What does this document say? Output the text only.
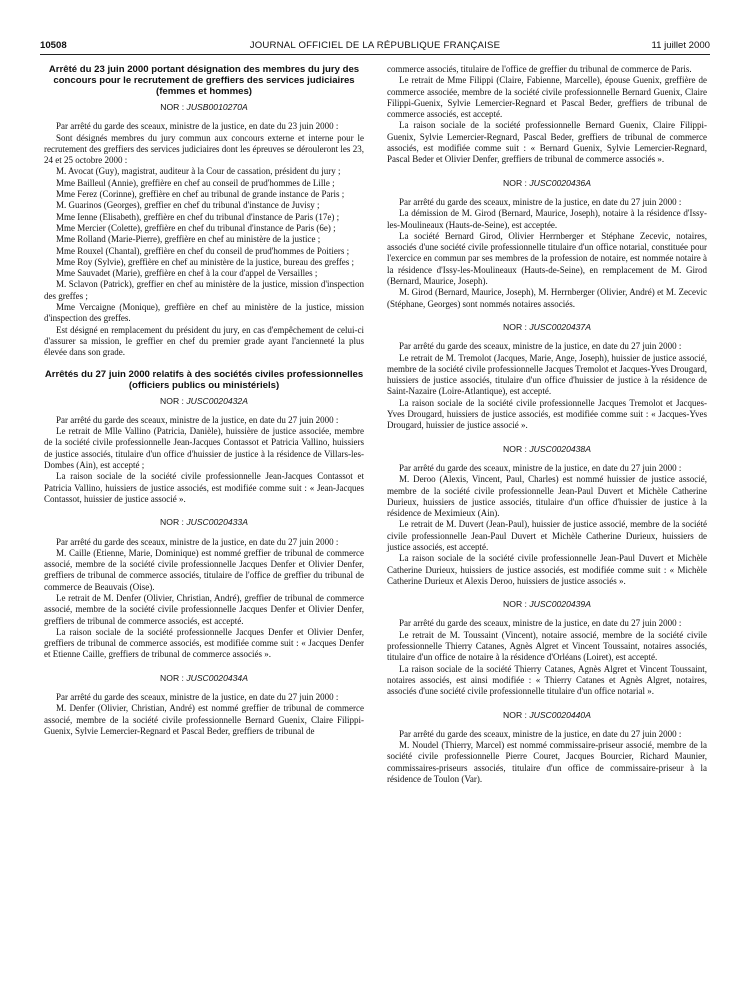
10508	JOURNAL OFFICIEL DE LA RÉPUBLIQUE FRANÇAISE	11 juillet 2000
Arrêté du 23 juin 2000 portant désignation des membres du jury des concours pour le recrutement de greffiers des services judiciaires (femmes et hommes)
NOR : JUSB0010270A

Par arrêté du garde des sceaux, ministre de la justice, en date du 23 juin 2000 :

Sont désignés membres du jury commun aux concours externe et interne pour le recrutement des greffiers des services judiciaires dont les épreuves se dérouleront les 23, 24 et 25 octobre 2000 :

M. Avocat (Guy), magistrat, auditeur à la Cour de cassation, président du jury ;

Mme Bailleul (Annie), greffière en chef au conseil de prud'hommes de Lille ;

Mme Ferez (Corinne), greffière en chef au tribunal de grande instance de Paris ;

M. Guarinos (Georges), greffier en chef du tribunal d'instance de Juvisy ;

Mme Ienne (Elisabeth), greffière en chef du tribunal d'instance de Paris (17e) ;

Mme Mercier (Colette), greffière en chef du tribunal d'instance de Paris (6e) ;

Mme Rolland (Marie-Pierre), greffière en chef au ministère de la justice ;

Mme Rouxel (Chantal), greffière en chef du conseil de prud'hommes de Poitiers ;

Mme Roy (Sylvie), greffière en chef au ministère de la justice, bureau des greffes ;

Mme Sauvadet (Marie), greffière en chef à la cour d'appel de Versailles ;

M. Sclavon (Patrick), greffier en chef au ministère de la justice, mission d'inspection des greffes ;

Mme Vercaigne (Monique), greffière en chef au ministère de la justice, mission d'inspection des greffes.

Est désigné en remplacement du président du jury, en cas d'empêchement de celui-ci d'assurer sa mission, le greffier en chef du premier grade ayant l'ancienneté la plus élevée dans son grade.

Arrêtés du 27 juin 2000 relatifs à des sociétés civiles professionnelles (officiers publics ou ministériels)
NOR : JUSC0020432A

Par arrêté du garde des sceaux, ministre de la justice, en date du 27 juin 2000 :

Le retrait de Mlle Vallino (Patricia, Danièle), huissière de justice associée, membre de la société civile professionnelle Jean-Jacques Contassot et Patricia Vallino, huissiers de justice associés, titulaire d'un office d'huissier de justice à la résidence de Villars-les-Dombes (Ain), est accepté ;

La raison sociale de la société civile professionnelle Jean-Jacques Contassot et Patricia Vallino, huissiers de justice associés, est modifiée comme suit : « Jean-Jacques Contassot, huissier de justice associé ».

NOR : JUSC0020433A

Par arrêté du garde des sceaux, ministre de la justice, en date du 27 juin 2000 :

M. Caille (Etienne, Marie, Dominique) est nommé greffier de tribunal de commerce associé, membre de la société civile professionnelle Jacques Denfer et Olivier Denfer, greffiers de tribunal de commerce associés, titulaire de l'office de greffier du tribunal de commerce de Beauvais (Oise).

Le retrait de M. Denfer (Olivier, Christian, André), greffier de tribunal de commerce associé, membre de la société civile professionnelle Jacques Denfer et Olivier Denfer, greffiers de tribunal de commerce associés, est accepté.

La raison sociale de la société professionnelle Jacques Denfer et Olivier Denfer, greffiers de tribunal de commerce associés, est modifiée comme suit : « Jacques Denfer et Etienne Caille, greffiers de tribunal de commerce associés ».

NOR : JUSC0020434A

Par arrêté du garde des sceaux, ministre de la justice, en date du 27 juin 2000 :

M. Denfer (Olivier, Christian, André) est nommé greffier de tribunal de commerce associé, membre de la société civile professionnelle Bernard Guenix, Claire Filippi-Guenix, Sylvie Lemercier-Regnard et Pascal Beder, greffiers de tribunal de

commerce associés, titulaire de l'office de greffier du tribunal de commerce de Paris.

Le retrait de Mme Filippi (Claire, Fabienne, Marcelle), épouse Guenix, greffière de commerce associée, membre de la société civile professionnelle Bernard Guenix, Claire Filippi-Guenix, Sylvie Lemercier-Regnard et Pascal Beder, greffiers de tribunal de commerce associés, est accepté.

La raison sociale de la société professionnelle Bernard Guenix, Claire Filippi-Guenix, Sylvie Lemercier-Regnard, Pascal Beder, greffiers de tribunal de commerce associés, est modifiée comme suit : « Bernard Guenix, Sylvie Lemercier-Regnard, Pascal Beder et Olivier Denfer, greffiers de tribunal de commerce associés ».

NOR : JUSC0020436A

Par arrêté du garde des sceaux, ministre de la justice, en date du 27 juin 2000 :

La démission de M. Girod (Bernard, Maurice, Joseph), notaire à la résidence d'Issy-les-Moulineaux (Hauts-de-Seine), est acceptée.

La société Bernard Girod, Olivier Herrnberger et Stéphane Zecevic, notaires, associés d'une société civile professionnelle titulaire d'un office notarial, constituée pour l'exercice en commun par ses membres de la profession de notaire, est nommée notaire à la résidence d'Issy-les-Moulineaux (Hauts-de-Seine), en remplacement de M. Girod (Bernard, Maurice, Joseph).

M. Girod (Bernard, Maurice, Joseph), M. Herrnberger (Olivier, André) et M. Zecevic (Stéphane, Georges) sont nommés notaires associés.

NOR : JUSC0020437A

Par arrêté du garde des sceaux, ministre de la justice, en date du 27 juin 2000 :

Le retrait de M. Tremolot (Jacques, Marie, Ange, Joseph), huissier de justice associé, membre de la société civile professionnelle Jacques Tremolot et Jacques-Yves Drougard, huissiers de justice associés, titulaire d'un office d'huissier de justice à la résidence de Saint-Nazaire (Loire-Atlantique), est accepté.

La raison sociale de la société civile professionnelle Jacques Tremolot et Jacques-Yves Drougard, huissiers de justice associés, est modifiée comme suit : « Jacques-Yves Drougard, huissier de justice associé ».

NOR : JUSC0020438A

Par arrêté du garde des sceaux, ministre de la justice, en date du 27 juin 2000 :

M. Deroo (Alexis, Vincent, Paul, Charles) est nommé huissier de justice associé, membre de la société civile professionnelle Jean-Paul Duvert et Michèle Catherine Durieux, huissiers de justice associés, titulaire d'un office d'huissier de justice à la résidence de Meximieux (Ain).

Le retrait de M. Duvert (Jean-Paul), huissier de justice associé, membre de la société civile professionnelle Jean-Paul Duvert et Michèle Catherine Durieux, huissiers de justice associés, est accepté.

La raison sociale de la société civile professionnelle Jean-Paul Duvert et Michèle Catherine Durieux, huissiers de justice associés, est modifiée comme suit : « Michèle Catherine Durieux et Alexis Deroo, huissiers de justice associés ».

NOR : JUSC0020439A

Par arrêté du garde des sceaux, ministre de la justice, en date du 27 juin 2000 :

Le retrait de M. Toussaint (Vincent), notaire associé, membre de la société civile professionnelle Thierry Catanes, Agnès Algret et Vincent Toussaint, notaires associés, titulaire d'un office de notaire à la résidence d'Orléans (Loiret), est accepté.

La raison sociale de la société Thierry Catanes, Agnès Algret et Vincent Toussaint, notaires associés, est ainsi modifiée : « Thierry Catanes et Agnès Algret, notaires, associés d'une société civile professionnelle titulaire d'un office notarial ».

NOR : JUSC0020440A

Par arrêté du garde des sceaux, ministre de la justice, en date du 27 juin 2000 :

M. Noudel (Thierry, Marcel) est nommé commissaire-priseur associé, membre de la société civile professionnelle Pierre Couret, Jacques Bourcier, Richard Maunier, commissaires-priseurs associés, titulaire d'un office de commissaire-priseur à la résidence de Toulon (Var).
